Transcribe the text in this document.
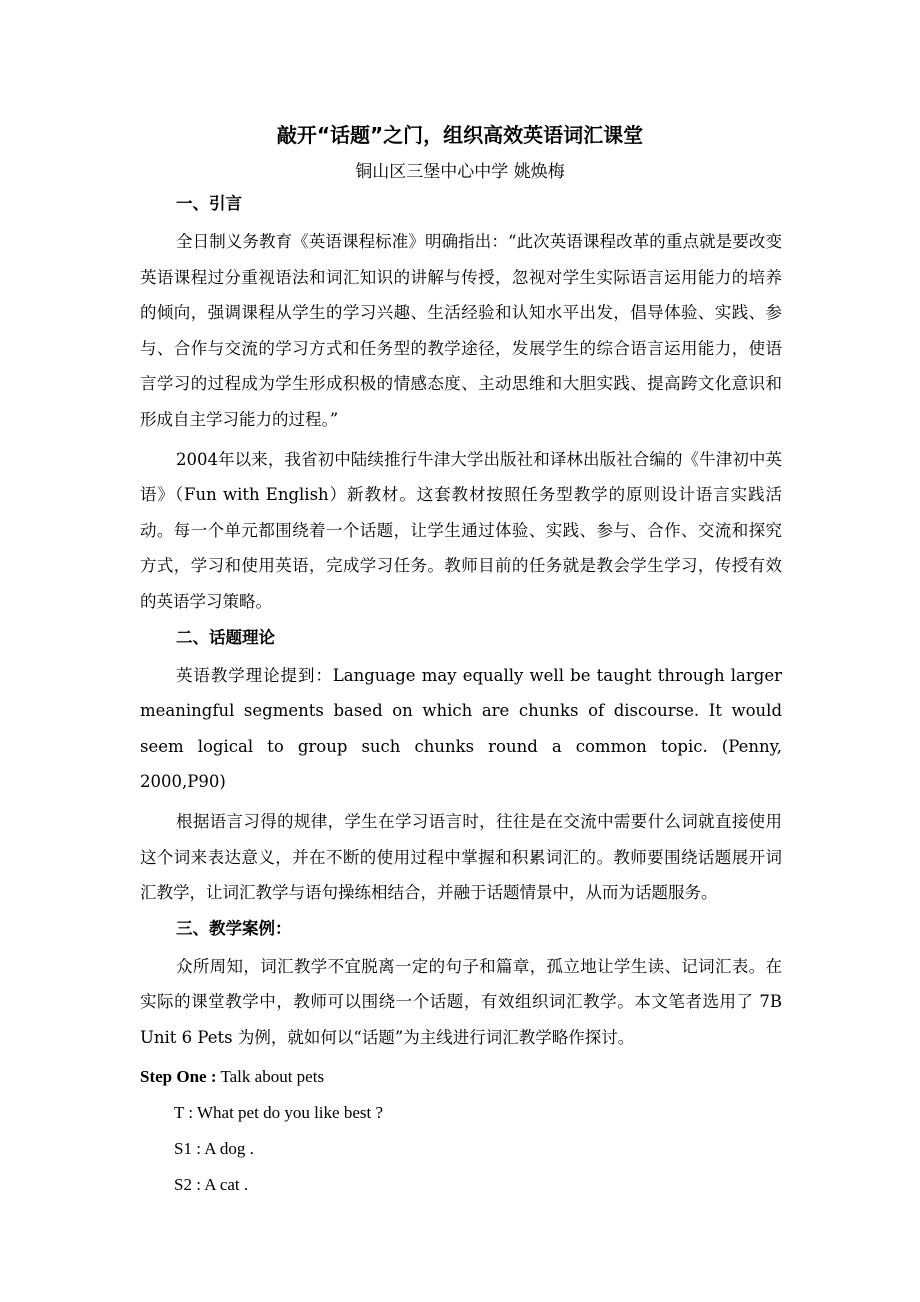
敲开“话题”之门，组织高效英语词汇课堂
铜山区三堡中心中学 姚焕梅
一、引言

全日制义务教育《英语课程标准》明确指出：“此次英语课程改革的重点就是要改变英语课程过分重视语法和词汇知识的讲解与传授，忽视对学生实际语言运用能力的培养的倾向，强调课程从学生的学习兴趣、生活经验和认知水平出发，倡导体验、实践、参与、合作与交流的学习方式和任务型的教学途径，发展学生的综合语言运用能力，使语言学习的过程成为学生形成积极的情感态度、主动思维和大胆实践、提高跨文化意识和形成自主学习能力的过程。”

2004年以来，我省初中陆续推行牛津大学出版社和译林出版社合编的《牛津初中英语》（Fun with English）新教材。这套教材按照任务型教学的原则设计语言实践活动。每一个单元都围绕着一个话题，让学生通过体验、实践、参与、合作、交流和探究方式，学习和使用英语，完成学习任务。教师目前的任务就是教会学生学习，传授有效的英语学习策略。

二、话题理论

英语教学理论提到：Language may equally well be taught through larger meaningful segments based on which are chunks of discourse. It would seem logical to group such chunks round a common topic. (Penny, 2000,P90)

根据语言习得的规律，学生在学习语言时，往往是在交流中需要什么词就直接使用这个词来表达意义，并在不断的使用过程中掌握和积累词汇的。教师要围绕话题展开词汇教学，让词汇教学与语句操练相结合，并融于话题情景中，从而为话题服务。

三、教学案例：

众所周知，词汇教学不宜脱离一定的句子和篇章，孤立地让学生读、记词汇表。在实际的课堂教学中，教师可以围绕一个话题，有效组织词汇教学。本文笔者选用了 7B Unit 6 Pets 为例，就如何以“话题”为主线进行词汇教学略作探讨。

Step One : Talk about pets
T : What pet do you like best ?
S1 : A dog .
S2 : A cat .
